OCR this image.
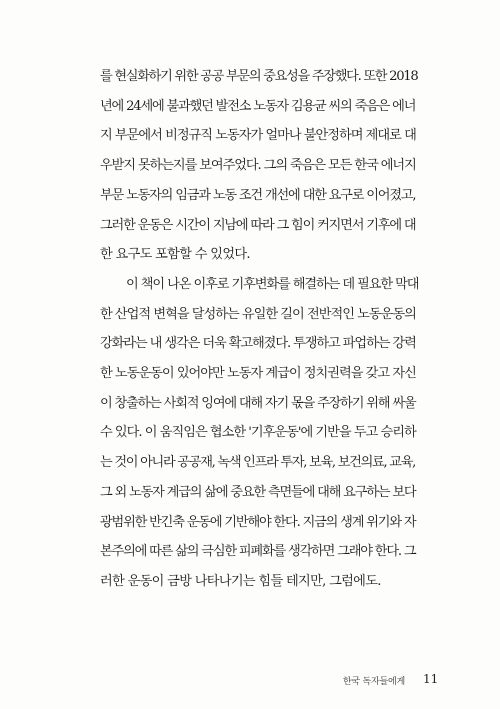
를 현실화하기 위한 공공 부문의 중요성을 주장했다. 또한 2018
년에 24세에 불과했던 발전소 노동자 김용균 씨의 죽음은 에너
지 부문에서 비정규직 노동자가 얼마나 불안정하며 제대로 대
우받지 못하는지를 보여주었다. 그의 죽음은 모든 한국 에너지
부문 노동자의 임금과 노동 조건 개선에 대한 요구로 이어졌고,
그러한 운동은 시간이 지남에 따라 그 힘이 커지면서 기후에 대
한 요구도 포함할 수 있었다.
이 책이 나온 이후로 기후변화를 해결하는 데 필요한 막대
한 산업적 변혁을 달성하는 유일한 길이 전반적인 노동운동의
강화라는 내 생각은 더욱 확고해졌다. 투쟁하고 파업하는 강력
한 노동운동이 있어야만 노동자 계급이 정치권력을 갖고 자신
이 창출하는 사회적 잉여에 대해 자기 몫을 주장하기 위해 싸울
수 있다. 이 움직임은 협소한 '기후운동'에 기반을 두고 승리하
는 것이 아니라 공공재, 녹색 인프라 투자, 보육, 보건의료, 교육,
그 외 노동자 계급의 삶에 중요한 측면들에 대해 요구하는 보다
광범위한 반긴축 운동에 기반해야 한다. 지금의 생계 위기와 자
본주의에 따른 삶의 극심한 피폐화를 생각하면 그래야 한다. 그
러한 운동이 금방 나타나기는 힘들 테지만, 그럼에도.
한국 독자들에게 11
